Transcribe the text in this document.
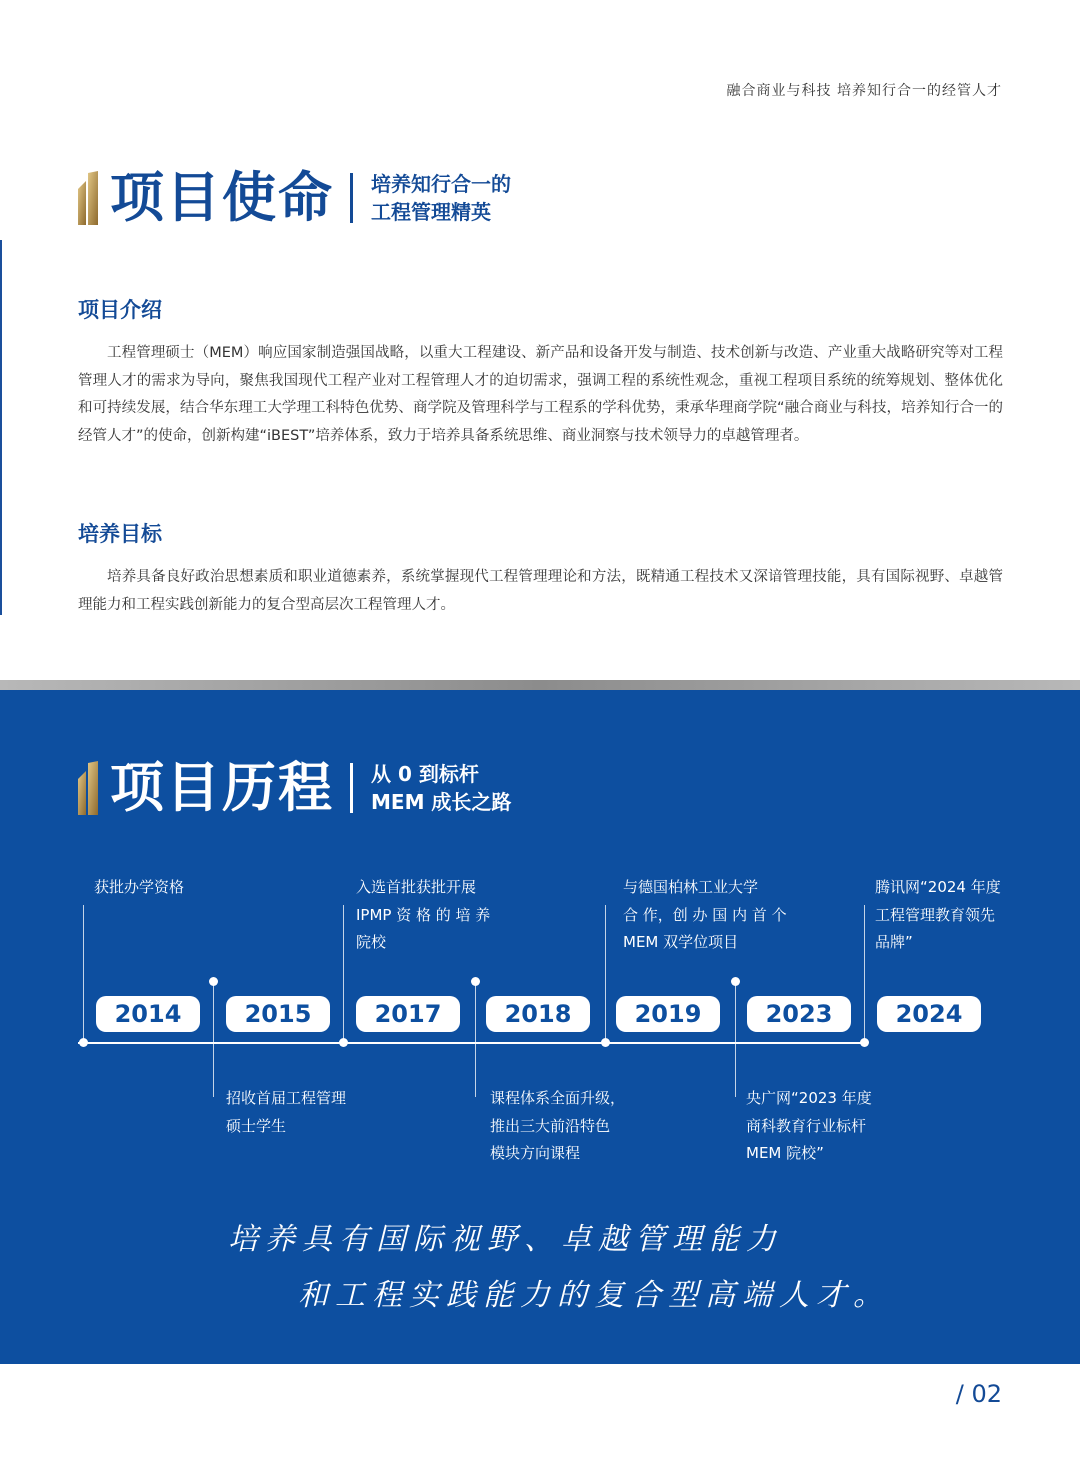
融合商业与科技 培养知行合一的经管人才
项目使命 培养知行合一的
工程管理精英
项目介绍
工程管理硕士（MEM）响应国家制造强国战略，以重大工程建设、新产品和设备开发与制造、技术创新与改造、产业重大战略研究等对工程管理人才的需求为导向，聚焦我国现代工程产业对工程管理人才的迫切需求，强调工程的系统性观念，重视工程项目系统的统筹规划、整体优化和可持续发展，结合华东理工大学理工科特色优势、商学院及管理科学与工程系的学科优势，秉承华理商学院“融合商业与科技，培养知行合一的经管人才”的使命，创新构建“iBEST”培养体系，致力于培养具备系统思维、商业洞察与技术领导力的卓越管理者。
培养目标
培养具备良好政治思想素质和职业道德素养，系统掌握现代工程管理理论和方法，既精通工程技术又深谙管理技能，具有国际视野、卓越管理能力和工程实践创新能力的复合型高层次工程管理人才。
项目历程 从 0 到标杆
MEM 成长之路
2014
获批办学资格
2015
招收首届工程管理
硕士学生
2017
入选首批获批开展
IPMP 资 格 的 培 养
院校
2018
课程体系全面升级，
推出三大前沿特色
模块方向课程
2019
与德国柏林工业大学
合 作，创 办 国 内 首 个
MEM 双学位项目
2023
央广网“2023 年度
商科教育行业标杆
MEM 院校”
2024
腾讯网“2024 年度
工程管理教育领先
品牌”
培养具有国际视野、卓越管理能力
和工程实践能力的复合型高端人才。
/ 02
